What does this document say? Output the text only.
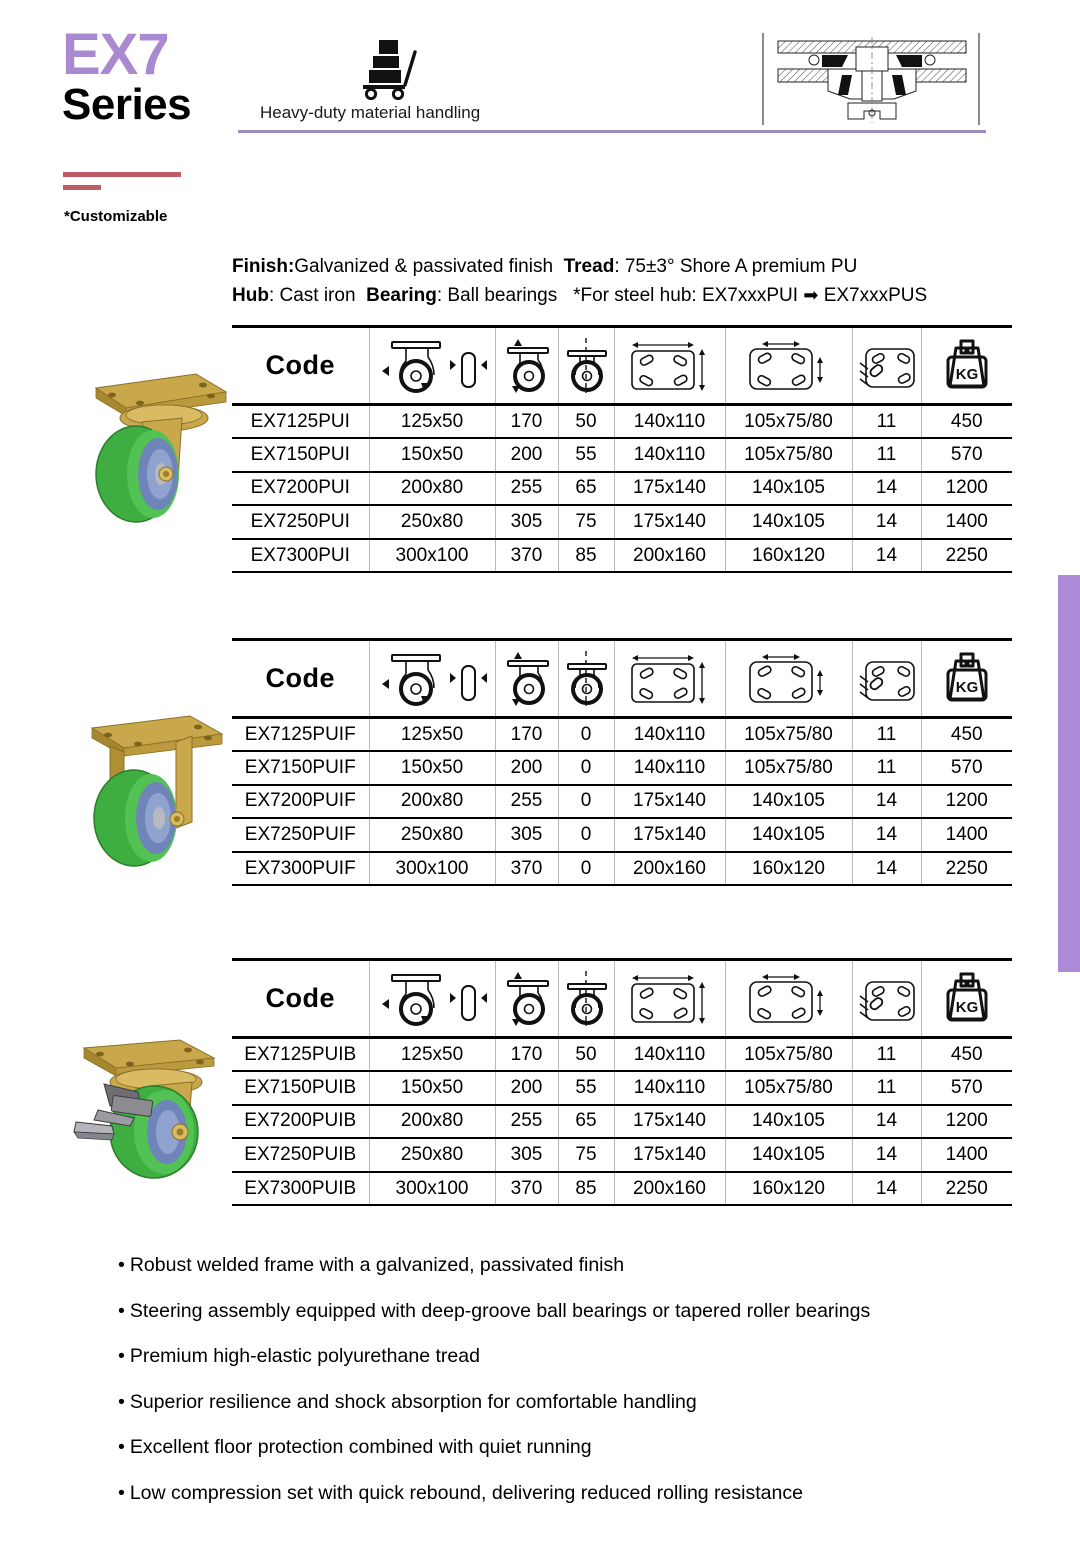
EX7
Series
*Customizable
Heavy-duty material handling
Finish:Galvanized & passivated finish Tread: 75±3° Shore A premium PU
Hub: Cast iron Bearing: Ball bearings *For steel hub: EX7xxxPUI ➡ EX7xxxPUS
Code							KG

EX7125PUI	125x50	170	50	140x110	105x75/80	11	450
EX7150PUI	150x50	200	55	140x110	105x75/80	11	570
EX7200PUI	200x80	255	65	175x140	140x105	14	1200
EX7250PUI	250x80	305	75	175x140	140x105	14	1400
EX7300PUI	300x100	370	85	200x160	160x120	14	2250
Code							KG

EX7125PUIF	125x50	170	0	140x110	105x75/80	11	450
EX7150PUIF	150x50	200	0	140x110	105x75/80	11	570
EX7200PUIF	200x80	255	0	175x140	140x105	14	1200
EX7250PUIF	250x80	305	0	175x140	140x105	14	1400
EX7300PUIF	300x100	370	0	200x160	160x120	14	2250
Code							KG

EX7125PUIB	125x50	170	50	140x110	105x75/80	11	450
EX7150PUIB	150x50	200	55	140x110	105x75/80	11	570
EX7200PUIB	200x80	255	65	175x140	140x105	14	1200
EX7250PUIB	250x80	305	75	175x140	140x105	14	1400
EX7300PUIB	300x100	370	85	200x160	160x120	14	2250
• Robust welded frame with a galvanized, passivated finish
• Steering assembly equipped with deep-groove ball bearings or tapered roller bearings
• Premium high-elastic polyurethane tread
• Superior resilience and shock absorption for comfortable handling
• Excellent floor protection combined with quiet running
• Low compression set with quick rebound, delivering reduced rolling resistance
